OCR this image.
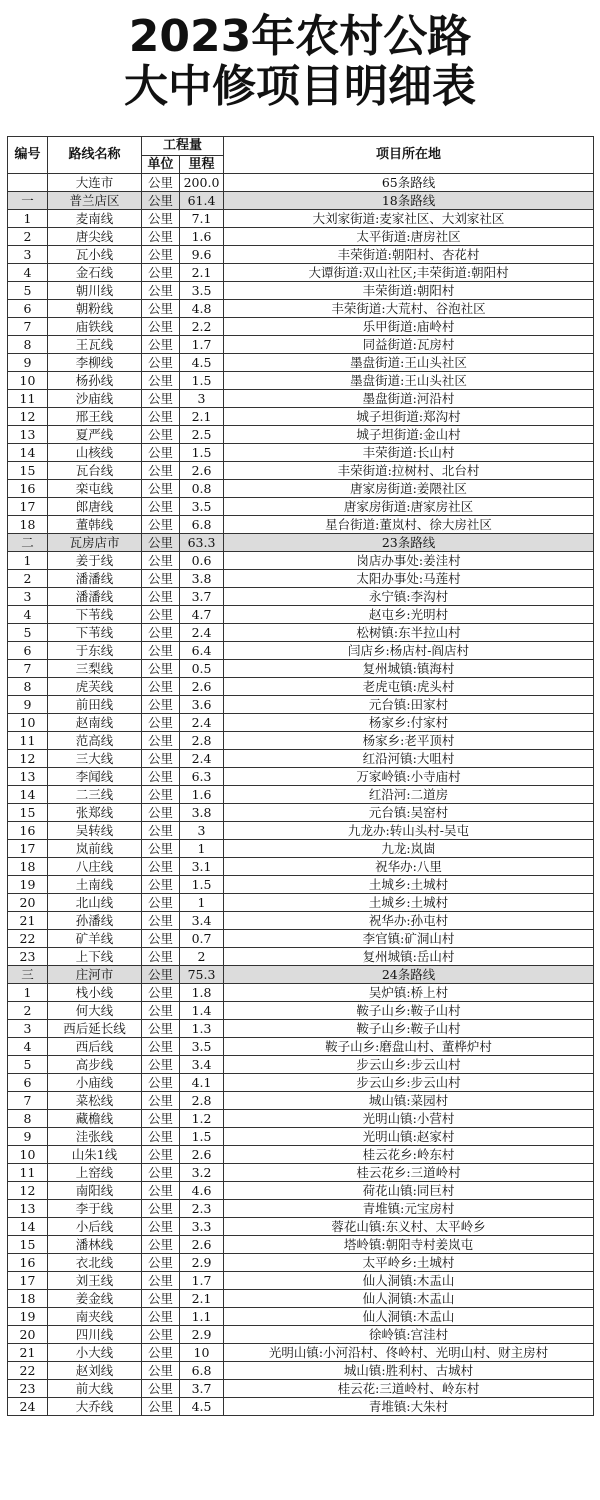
2023年农村公路
大中修项目明细表
编号	路线名称	工程量		项目所在地
		单位	里程	
	大连市	公里	200.0	65条路线
一	普兰店区	公里	61.4	18条路线
1	麦南线	公里	7.1	大刘家街道:麦家社区、大刘家社区
2	唐尖线	公里	1.6	太平街道:唐房社区
3	瓦小线	公里	9.6	丰荣街道:朝阳村、杏花村
4	金石线	公里	2.1	大谭街道:双山社区;丰荣街道:朝阳村
5	朝川线	公里	3.5	丰荣街道:朝阳村
6	朝粉线	公里	4.8	丰荣街道:大荒村、谷泡社区
7	庙铁线	公里	2.2	乐甲街道:庙岭村
8	王瓦线	公里	1.7	同益街道:瓦房村
9	李柳线	公里	4.5	墨盘街道:王山头社区
10	杨孙线	公里	1.5	墨盘街道:王山头社区
11	沙庙线	公里	3	墨盘街道:河沿村
12	邢王线	公里	2.1	城子坦街道:郑沟村
13	夏严线	公里	2.5	城子坦街道:金山村
14	山核线	公里	1.5	丰荣街道:长山村
15	瓦台线	公里	2.6	丰荣街道:拉树村、北台村
16	栾屯线	公里	0.8	唐家房街道:姜隈社区
17	郎唐线	公里	3.5	唐家房街道:唐家房社区
18	董韩线	公里	6.8	星台街道:董岚村、徐大房社区
二	瓦房店市	公里	63.3	23条路线
1	姜于线	公里	0.6	岗店办事处:姜洼村
2	潘潘线	公里	3.8	太阳办事处:马莲村
3	潘潘线	公里	3.7	永宁镇:李沟村
4	下苇线	公里	4.7	赵屯乡:光明村
5	下苇线	公里	2.4	松树镇:东半拉山村
6	于东线	公里	6.4	闫店乡:杨店村-阎店村
7	三梨线	公里	0.5	复州城镇:镇海村
8	虎芙线	公里	2.6	老虎屯镇:虎头村
9	前田线	公里	3.6	元台镇:田家村
10	赵南线	公里	2.4	杨家乡:付家村
11	范高线	公里	2.8	杨家乡:老平顶村
12	三大线	公里	2.4	红沿河镇:大咀村
13	李闻线	公里	6.3	万家岭镇:小寺庙村
14	二三线	公里	1.6	红沿河:二道房
15	张郑线	公里	3.8	元台镇:吴窑村
16	吴转线	公里	3	九龙办:转山头村-吴屯
17	岚前线	公里	1	九龙:岚崮
18	八庄线	公里	3.1	祝华办:八里
19	土南线	公里	1.5	土城乡:土城村
20	北山线	公里	1	土城乡:土城村
21	孙潘线	公里	3.4	祝华办:孙屯村
22	矿羊线	公里	0.7	李官镇:矿洞山村
23	上下线	公里	2	复州城镇:岳山村
三	庄河市	公里	75.3	24条路线
1	栈小线	公里	1.8	吴炉镇:桥上村
2	何大线	公里	1.4	鞍子山乡:鞍子山村
3	西后延长线	公里	1.3	鞍子山乡:鞍子山村
4	西后线	公里	3.5	鞍子山乡:磨盘山村、董桦炉村
5	高步线	公里	3.4	步云山乡:步云山村
6	小庙线	公里	4.1	步云山乡:步云山村
7	菜松线	公里	2.8	城山镇:菜园村
8	藏檐线	公里	1.2	光明山镇:小营村
9	洼张线	公里	1.5	光明山镇:赵家村
10	山朱1线	公里	2.6	桂云花乡:岭东村
11	上窑线	公里	3.2	桂云花乡:三道岭村
12	南阳线	公里	4.6	荷花山镇:同巨村
13	李于线	公里	2.3	青堆镇:元宝房村
14	小后线	公里	3.3	蓉花山镇:东义村、太平岭乡
15	潘林线	公里	2.6	塔岭镇:朝阳寺村姜岚屯
16	衣北线	公里	2.9	太平岭乡:土城村
17	刘王线	公里	1.7	仙人洞镇:木盂山
18	姜金线	公里	2.1	仙人洞镇:木盂山
19	南夹线	公里	1.1	仙人洞镇:木盂山
20	四川线	公里	2.9	徐岭镇:宫洼村
21	小大线	公里	10	光明山镇:小河沿村、佟岭村、光明山村、财主房村
22	赵刘线	公里	6.8	城山镇:胜利村、古城村
23	前大线	公里	3.7	桂云花:三道岭村、岭东村
24	大乔线	公里	4.5	青堆镇:大朱村
